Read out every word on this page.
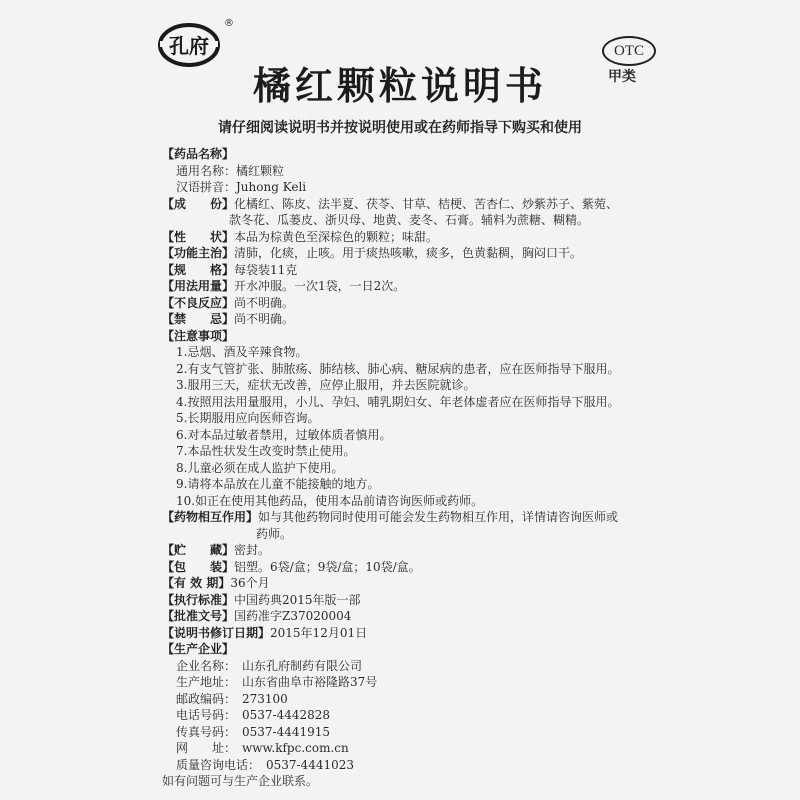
孔府
®
橘红颗粒说明书
OTC
甲类
请仔细阅读说明书并按说明使用或在药师指导下购买和使用
【药品名称】
通用名称：橘红颗粒
汉语拼音：Juhong Keli
【成　　份】化橘红、陈皮、法半夏、茯苓、甘草、桔梗、苦杏仁、炒紫苏子、紫菀、
款冬花、瓜蒌皮、浙贝母、地黄、麦冬、石膏。辅料为蔗糖、糊精。
【性　　状】本品为棕黄色至深棕色的颗粒；味甜。
【功能主治】清肺，化痰，止咳。用于痰热咳嗽，痰多，色黄黏稠，胸闷口干。
【规　　格】每袋装11克
【用法用量】开水冲服。一次1袋，一日2次。
【不良反应】尚不明确。
【禁　　忌】尚不明确。
【注意事项】
1.忌烟、酒及辛辣食物。
2.有支气管扩张、肺脓疡、肺结核、肺心病、糖尿病的患者，应在医师指导下服用。
3.服用三天，症状无改善，应停止服用，并去医院就诊。
4.按照用法用量服用，小儿、孕妇、哺乳期妇女、年老体虚者应在医师指导下服用。
5.长期服用应向医师咨询。
6.对本品过敏者禁用，过敏体质者慎用。
7.本品性状发生改变时禁止使用。
8.儿童必须在成人监护下使用。
9.请将本品放在儿童不能接触的地方。
10.如正在使用其他药品，使用本品前请咨询医师或药师。
【药物相互作用】如与其他药物同时使用可能会发生药物相互作用，详情请咨询医师或
药师。
【贮　　藏】密封。
【包　　装】铝塑。6袋/盒；9袋/盒；10袋/盒。
【有 效 期】36个月
【执行标准】中国药典2015年版一部
【批准文号】国药准字Z37020004
【说明书修订日期】2015年12月01日
【生产企业】
企业名称：　山东孔府制药有限公司
生产地址：　山东省曲阜市裕隆路37号
邮政编码：　273100
电话号码：　0537-4442828
传真号码：　0537-4441915
网　　址：　www.kfpc.com.cn
质量咨询电话：　0537-4441023
如有问题可与生产企业联系。
